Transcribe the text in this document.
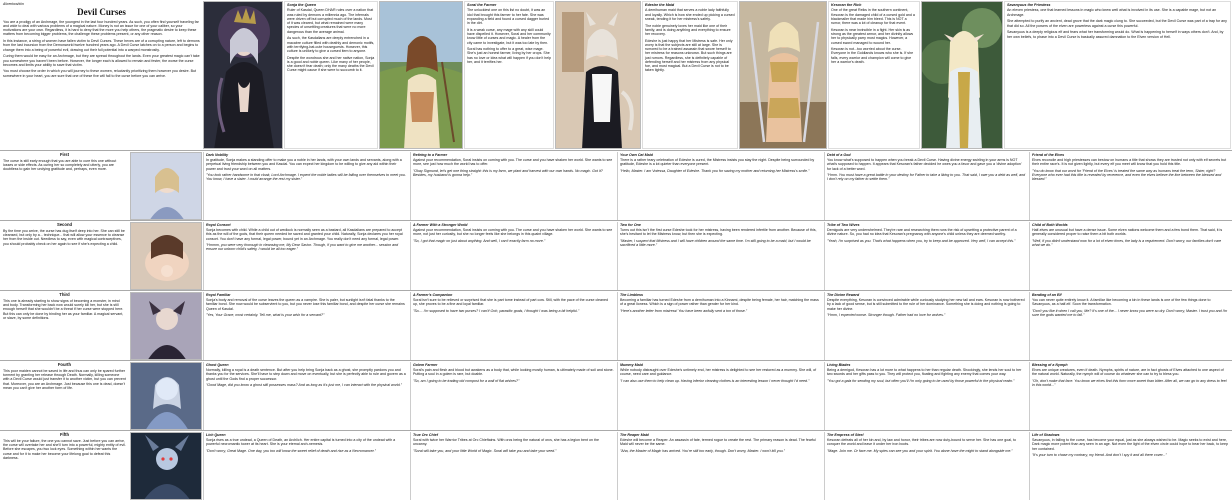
Alicenkoshkin
Devil Curses

You are a prodigy of an Archmage, the youngest in the last four hundred years. As such, you often find yourself traveling far and wide to deal with various problems of a magical nature. Money is not an issue for one of your caliber, so your motivations are your own. Regardless, it is hard to deny that the more you help others, the pragmatic desire to keep these matters from becoming bigger problems, the challenge these problems present, or any other reason.

In this instance, a string of women have fallen victim to Devil Curses. These hexes are of a corrupting nature, left to demons from the last incursion from the Demonworld twelve hundred years ago. A Devil Curse latches on to a person and begins to change them into a being of powerful evil, drawing out their full potential into a warped monstrosity.

Curing them would be easy for an Archmage, but they are spread throughout the lands. Even your greatest magic can't take you somewhere you haven't been before. However, the longer each is allowed to remain and fester, the worse the curse becomes and limits your ability to save that victim.

You must choose the order in which you will journey to these women, reluctantly prioritizing them however you desire. But somewhere in your heart, you are sure that one of these five will fall to the curse before you can arrive.

Sonja the Queen

Ruler of Kasdal, Queen DHAR rules over a nation that was ruled by demons a millennia ago. The infernals were driven off but corrupted much of the lands. Most of it was cleared, but what remained were many species of unsettling creatures that were no more dangerous than the average animal.

As such, the Kasdalians are deeply entrenched in a macabre culture filled with deathly and demonic motifs, with terrifying-bat-cute houseguests. However, this culture is unlikely to give a cursed item to anyone.

Despite the wondrous she and her native nation, Sonja is a good and noble queen. Like many of her people, she doesn't fear death; only the many deaths the Devil Curse might cause if she were to succumb to it.

Soral the Farmer

The unluckiest one on this list no doubt, it was an idol that brought this farmer to her fate. She was expanding a field and found a cursed dagger buried in the dirt.

It is a weak curse, any mage with any skill could have dispelled it. However, Soral and her community know little of curses and magic. A healer from the city came to investigate, but it was too late by then.

Soral has nothing to offer to a great, wise mage. She's just an honest farmer, living by her crops. She has no love or idea what will happen if you don't help her, and it terrifies her.

Edeshe the Maid

A demihuman maid that serves a noble lady faithfully and loyally. Which is how she ended up picking a cursed sneak, tending it for her mistress's safety.

The noble genuinely loves her maid like one of their family, and is doing anything and everything to ensure her recovery.

Edeshe is just happy that her Mistress is safe. Her only worry is that the subjects are still at large. She is rumored to be a trained assassin that swore herself to her mistress for reasons unknown. But such things are just rumors. Regardless, she is definitely capable of defending herself and her mistress from any physical foe, and most magical. But a Devil Curse is not to be taken lightly.

Kesoran the Rich

One of the great Reiks in the southern continent, Kesoran is the damaged child of a cursed gold and a blackmailer that made him bleed. This is NOT a rumor, there was a lot of cleanup for that event.

Kesoran is near invincible in a fight. Her skin is as strong as the greatest armor, and her divinity allows her to physically parry most magics. However, a cursed sword managed to wound her.

Kesoran is not...too worried about the curse. Everyone in the Goldlands knows who she is. If she falls, every warrior and champion will come to give her a warrior's death.

Savanyuus the Priestess

An eleven priestess, one that learned lessons in magic who knew well what is involved in its use. She is a capable mage, but not an Archmage.

She attempted to purify an ancient, dead grove that the dark magic clung to. She succeeded, but the Devil Curse was part of a trap for any that did so. All the powers of the elven are powerless against a curse this powerful.

Savanyuus is a deeply religious elf and fears what her transforming would do. What is happening to herself in ways others don't. And, by her own beliefs, to phase into a Devil Curse is basically assured damnation to the Elven version of Hell.

First
The curse is still early enough that you are able to cure this one without losses or side effects. As curing her so completely and utterly, you are doubtless to gain her undying gratitude and, perhaps, even more.
Dark Nobility

In gratitude, Sonja makes a standing offer to make you a noble in her lands, with your own lands and servants, along with a perpetual living friendship between you and Kasdal. You can expect her kingdom to be willing to give any aid within their power and trust your word on all matters.

"You look rather handsome in that cloak, Lord Archmage. I expect the noble ladies will be falling over themselves to meet you. You know, I have a sister. I could arrange the rest my sister."

Retiring to a Farmer

Against your recommendation, Soral insists on coming with you. The curse and you have shaken her world. She wants to see more, see just how much the world has to offer.

"Okay Sigmund, let's get one thing straight: this is my farm, we plant and harvest with our own hands. No magic. Got it? Besides, my husband is gonna help."

Your Own Cat Maid

There is a rather teary celebration of Edeshe is cured, the Mistress insists you stay the night. Despite being surrounded by gratitude, Edeshe is a lot quieter than everyone present.

"Hello, Master. I am Votessa, Daughter of Edeshe. Thank you for saving my mother and returning her Mistress's smile."

Debt of a God

You know what's supposed to happen when you break a Devil Curse. Having divine energy swirling in your arms is NOT what's supposed to happen. It appears that Kesoran's father decided he owes you a favor and gave you a 'divine adoption' for lack of a better word.

"Hmm. You must have a great battle in your destiny for Father to take a liking to you. That said, I owe you a debt as well, and I don't rely on my father to settle them."

Friend of the Elves

Elves reconcile and high priestesses can bestow on humans a title that shows they are trusted not only with elf secrets but their entire race's. It is not given lightly, but every elf you meet will know that you hold this title.

"You do know that our word for 'Friend of the Elves' is treated the same way as humans treat the term, Sister, right? Everyone who ever had this title is revealed by reverence, and even the elves believe the line between the blessed and blessed."

Second
By the time you arrive, the curse has dug itself deep into her. She can still be cleansed, but only by a... technique... that will allow your essence to cleanse her from the inside out. Needless to say, even with magical contraceptives, you should probably check on her again to see if she's expecting a child.
Royal Consort

Sonja becomes with child. While a child out of wedlock is normally seen as a bastard, all Kasdalians are prepared to accept this as the will of the gods, that their queen needed be saved and granted your child. Naturally, Sonja declares you her royal consort. You don't have any formal, legal power, bound yet in an Archmage. You really don't need any formal, legal power.

"Hmmm, you were very thorough in cleansing me, My Dear Savior. Though, if you want to give me another... session and ensure our unborn child's safety, I would be all too eager."

A Farmer With a Stronger World

Against your recommendation, Soral insists on coming with you. The curse and you have shaken her world. She wants to see more, not just her curiosity, but she no longer feels like she belongs in this quaint village.

"So, I got that magic on just about anything. And well, I can't exactly farm no more."

Two for One

Turns out this isn't the first curse Edeshe took for her mistress, having been rendered infertile from another. Because of this, she's hesitant to let the Mistress know, but then she is expecting.

"Master, I suspect that Mistress and I will have children around the same time. I'm still going to be a maid, but I would be sacrificed a little more."

Tribe of Two Wives

Demigods are very underwhelmed. They're rare and researching them runs the risk of upsetting a protective parent of a divine nature. So, you had no idea that Kesoran's pregnancy with anyone's child unless they are deemed worthy.

"Yeah, I'm surprised as you. That's what happens when you, try to keep and be approved. Very well, I can accept this."

Child of Both Worlds

Half-elves are unusual but have a dense issue. Some elven nations welcome them and a few bond them. That said, it is generally considered proper to raise them a bit both worlds.

"Well, if you didn't understand now for a lot of elven times, the lady is a requirement. Don't worry, our families don't care what we do."

Third
This one is already starting to show signs of becoming a monster, in mind and body. Transforming her back now would surely kill her, but she is still enough herself that she wouldn't be a threat if her curse were stopped here. But this can only be done by binding her as your familiar. A magical servant, or slave, by some definitions.
Royal Familiar

Sonja's body and removal of the curse leaves the queen as a vampire. She is paler, but sunlight isn't fatal thanks to the familiar bond. She now would be subservient to you, but you never lose this familiar bond, and despite her curse she remains Queen of Kasdal.

"Yes, Your Grace, most certainly. Tell me, what is your wish for a servant?"

A Farmer's Companion

Soral isn't sure to be relieved or surprised that she is part tome instead of part cow. Still, with the pace of the curse cleaned up, she proves to be a fine and loyal familiar.

"So.... I'm supposed to have two purses? I can't! Ooh, parasitic goals, I thought I was being a bit helpful."

The Limbless

Becoming a familiar has turned Edeshe from a demihuman into a Kinnami, despite being female, her hair, matching the mass of a great lioness. Which is a sign of power rather than gender for her kind.

"Here's another letter from mistress! You have been awfully sent a ton of those."

The Divine Reward

Despite everything, Kesoran is convinced admirable while curiously studying her new tail and ears. Kesoran is now bothered by a lack of good sense, but is still submitted to the rule of her dominance. Something she is doing and nothing is going to make her divine.

"Hmm, I expected worse. Stronger though. Father had no love for wolves."

Bending of an Elf

You can never quite entirely know it. A familiar like becoming a kin in these lands is one of the few things done to Savanyuus, as a half-elf. Soon the transformation.

"Don't you like it when I call you, Me? It's one of the... I never know you were so dry. Don't worry, Master. I trust you and I'm sure the gods wanted me to fall."

Fourth
This poor maiden cannot be saved in life and thus can only be spared further torment by granting her release through Death. Normally, killing someone with a Devil Curse would just transfer it to another victim, but you can prevent that. Moreover, you are an Archmage. Just because this one is dead, doesn't mean you can't give her another form of life.
Ghost Queen

Normally, killing a royal is a death sentence. But after you help bring Sonja back as a ghost, she promptly pardons you and thanks you for the services. She'll have to step down and move on eventually, but she is perfectly able to rule and govern as a ghost until the Gods find a proper successor.

"Good Mage, did you know a ghost still possesses mass? And as long as it's just me, I can interact with the physical world."

Golem Farmer

Soral's pain and flesh and blood but awakens as a body that, while looking mostly human, is ultimately made of soil and stone. Putting a soul in a golem is rare, but doable.

"So, am I going to be trading old compost for a wall of flat wishes?"

Mummy Maid

While nobody distraught over Edeshe's untimely end, her mistress is delighted to see her restored as a mummy. She will, of course, need care and guidance.

"I can also use them to help clean up. Having inferior cleaning clothes is an interesting lesson I never thought I'd need."

Living Blades

Being a demigod, Kesoran has a lot more to what happens to her than regular death. Shockingly, she lends her soul to her two swords and her gifts pass to you. They will protect you, floating and fighting any enemy that comes your way.

"You got a gala for sending my soul, but often you'll I'm only going to be used by those powerful in the physical realm."

Blessing of a Nymph

Elves are unique creatures, even if death. Nymphs, spirits of nature, are in fact ghosts of Elves attached to one aspect of the natural world. Naturally, the nymph will of course do whatever she can to try to bless you.

"Oh, don't make that face. You know we elves find this form more sweet than bitter. After all, we can go to any dress to feel in this world..."

Fifth
This will be your failure, the one you cannot save. Just before you can arrive, the curse will overtake her and she'll turn into a powerful, mighty entity of evil. Before she escapes, you two lock eyes. Something within her wants the curse and for it to make her become your lifelong goal to defeat this darkness.
Lich Queen

Sonja rises as a true undead, a Queen of Death, an Archlich. Her entire capital is turned into a city of the undead with a powerful necromantic tower at its heart. She is your eternal arch-nemesis.

"Don't worry, Great Mage. One day, you too will know the sweet relief of death and rise as a Necromancer."

True Orc Chief

Soral with twice her Warrior Tribes at Orc Chieftains. With orcs being the natural of orcs, she has a legion bent on the uncanny.

"Soral will take you, and your little World of Magic. Soral will take you and take your seed."

The Reaper Maid

Edeshe will become a Reaper. An assassin of fate, termed rogue to create the rest. The primary reason is dead. The fearful Maid will never be the same.

"Aha, the Master of Magic has arrived. You're still too early, though. Don't worry, Master. I won't kill you."

The Empress of Steel

Kesoran defeats all of her kin and, by law and honor, their tribes are now duty-bound to serve her. She has one goal, to conquer the world and leave it under her iron boots.

"Mage. Join me. Or face me. My spies can see you and your spirit. You alone have the might to stand alongside me."

Life of Shadows

Savanyuus, in falling to the curse, has become your equal, just as she always wished to be. Magic seeks to exist and here, Dark magic more potent than any seen in an age. Not even the light of the elven circle could hope to bear her back, to keep her contained.

"It's your turn to chase my contrary, my friend. And don't I spy it and all there cover..."
